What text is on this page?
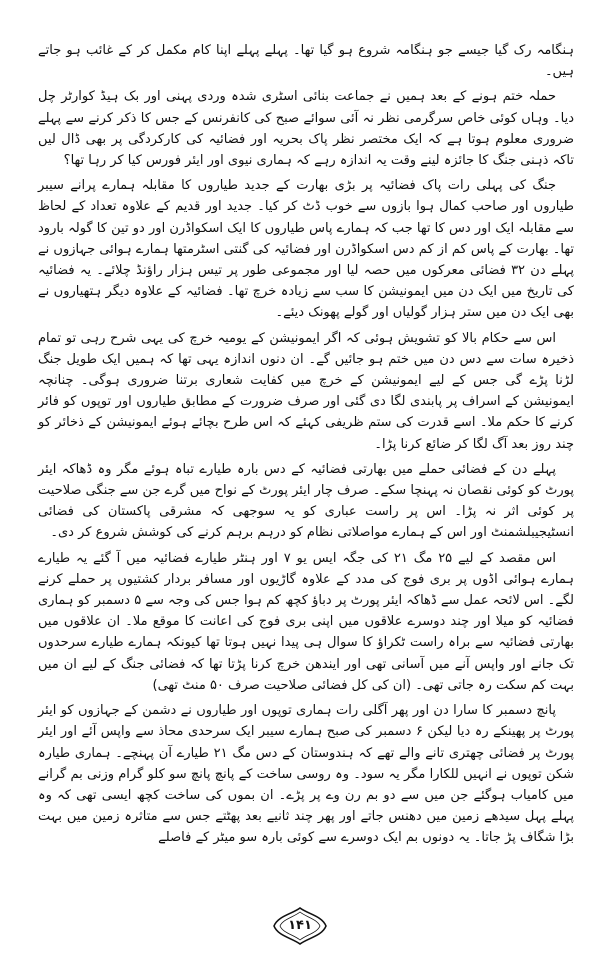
ہنگامہ رک گیا جیسے جو ہنگامہ شروع ہو گیا تھا۔ پہلے پہلے اپنا کام مکمل کر کے غائب ہو جاتے ہیں۔

حملہ ختم ہونے کے بعد ہمیں نے جماعت بنائی اسٹری شدہ وردی پہنی اور بک ہیڈ کوارٹر چل دیا۔ وہاں کوئی خاص سرگرمی نظر نہ آئی سوائے صبح کی کانفرنس کے جس کا ذکر کرنے سے پہلے ضروری معلوم ہوتا ہے کہ ایک مختصر نظر پاک بحریہ اور فضائیہ کی کارکردگی پر بھی ڈال لیں تاکہ ذہنی جنگ کا جائزہ لینے وقت یہ اندازہ رہے کہ ہماری نیوی اور ایئر فورس کیا کر رہا تھا؟

جنگ کی پہلی رات پاک فضائیہ پر بڑی بھارت کے جدید طیاروں کا مقابلہ ہمارے پرانے سیبر طیاروں اور صاحب کمال ہوا بازوں سے خوب ڈٹ کر کیا۔ جدید اور قدیم کے علاوہ تعداد کے لحاظ سے مقابلہ ایک اور دس کا تھا جب کہ ہمارے پاس طیاروں کا ایک اسکواڈرن اور دو تین کا گولہ بارود تھا۔ بھارت کے پاس کم از کم دس اسکواڈرن اور فضائیہ کی گنتی اسٹرمتھا ہمارے ہوائی جہازوں نے پہلے دن ۳۲ فضائی معرکوں میں حصہ لیا اور مجموعی طور پر تیس ہزار راؤنڈ چلائے۔ یہ فضائیہ کی تاریخ میں ایک دن میں ایمونیشن کا سب سے زیادہ خرچ تھا۔ فضائیہ کے علاوہ دیگر ہتھیاروں نے بھی ایک دن میں ستر ہزار گولیاں اور گولے پھونک دیئے۔

اس سے حکام بالا کو تشویش ہوئی کہ اگر ایمونیشن کے یومیہ خرچ کی یہی شرح رہی تو تمام ذخیرہ سات سے دس دن میں ختم ہو جائیں گے۔ ان دنوں اندازہ یہی تھا کہ ہمیں ایک طویل جنگ لڑنا پڑے گی جس کے لیے ایمونیشن کے خرچ میں کفایت شعاری برتنا ضروری ہوگی۔ چنانچہ ایمونیشن کے اسراف پر پابندی لگا دی گئی اور صرف ضرورت کے مطابق طیاروں اور توپوں کو فائر کرنے کا حکم ملا۔ اسے قدرت کی ستم ظریفی کہئے کہ اس طرح بچائے ہوئے ایمونیشن کے ذخائر کو چند روز بعد آگ لگا کر ضائع کرنا پڑا۔

پہلے دن کے فضائی حملے میں بھارتی فضائیہ کے دس بارہ طیارے تباہ ہوئے مگر وہ ڈھاکہ ایئر پورٹ کو کوئی نقصان نہ پہنچا سکے۔ صرف چار ایئر پورٹ کے نواح میں گرے جن سے جنگی صلاحیت پر کوئی اثر نہ پڑا۔ اس پر راست عباری کو یہ سوجھی کہ مشرقی پاکستان کی فضائی انسٹیجیبلشمنٹ اور اس کے ہمارے مواصلاتی نظام کو درہم برہم کرنے کی کوشش شروع کر دی۔

اس مقصد کے لیے ۲۵ مگ ۲۱ کی جگہ ایس یو ۷ اور ہنٹر طیارے فضائیہ میں آ گئے یہ طیارے ہمارے ہوائی اڈوں پر بری فوج کی مدد کے علاوہ گاڑیوں اور مسافر بردار کشتیوں پر حملے کرنے لگے۔ اس لائحہ عمل سے ڈھاکہ ایئر پورٹ پر دباؤ کچھ کم ہوا جس کی وجہ سے ۵ دسمبر کو ہماری فضائیہ کو میلا اور چند دوسرے علاقوں میں اپنی بری فوج کی اعانت کا موقع ملا۔ ان علاقوں میں بھارتی فضائیہ سے براہ راست ٹکراؤ کا سوال ہی پیدا نہیں ہوتا تھا کیونکہ ہمارے طیارے سرحدوں تک جانے اور واپس آنے میں آسانی تھی اور ایندھن خرچ کرنا پڑتا تھا کہ فضائی جنگ کے لیے ان میں بہت کم سکت رہ جاتی تھی۔ (ان کی کل فضائی صلاحیت صرف ۵۰ منٹ تھی)

پانچ دسمبر کا سارا دن اور پھر آگلی رات ہماری توپوں اور طیاروں نے دشمن کے جہازوں کو ایئر پورٹ پر پھینکے رہ دیا لیکن ۶ دسمبر کی صبح ہمارے سیبر ایک سرحدی محاذ سے واپس آئے اور ایئر پورٹ پر فضائی چھتری تانے والے تھے کہ ہندوستان کے دس مگ ۲۱ طیارے آن پہنچے۔ ہماری طیارہ شکن توپوں نے انہیں للکارا مگر یہ سود۔ وہ روسی ساخت کے پانچ پانچ سو کلو گرام وزنی بم گرانے میں کامیاب ہوگئے جن میں سے دو بم رن وے پر پڑے۔ ان بموں کی ساخت کچھ ایسی تھی کہ وہ پہلے پہل سیدھے زمین میں دھنس جاتے اور پھر چند ثانیے بعد پھٹتے جس سے متاثرہ زمین میں بہت بڑا شگاف پڑ جاتا۔ یہ دونوں بم ایک دوسرے سے کوئی بارہ سو میٹر کے فاصلے

۱۴۱
